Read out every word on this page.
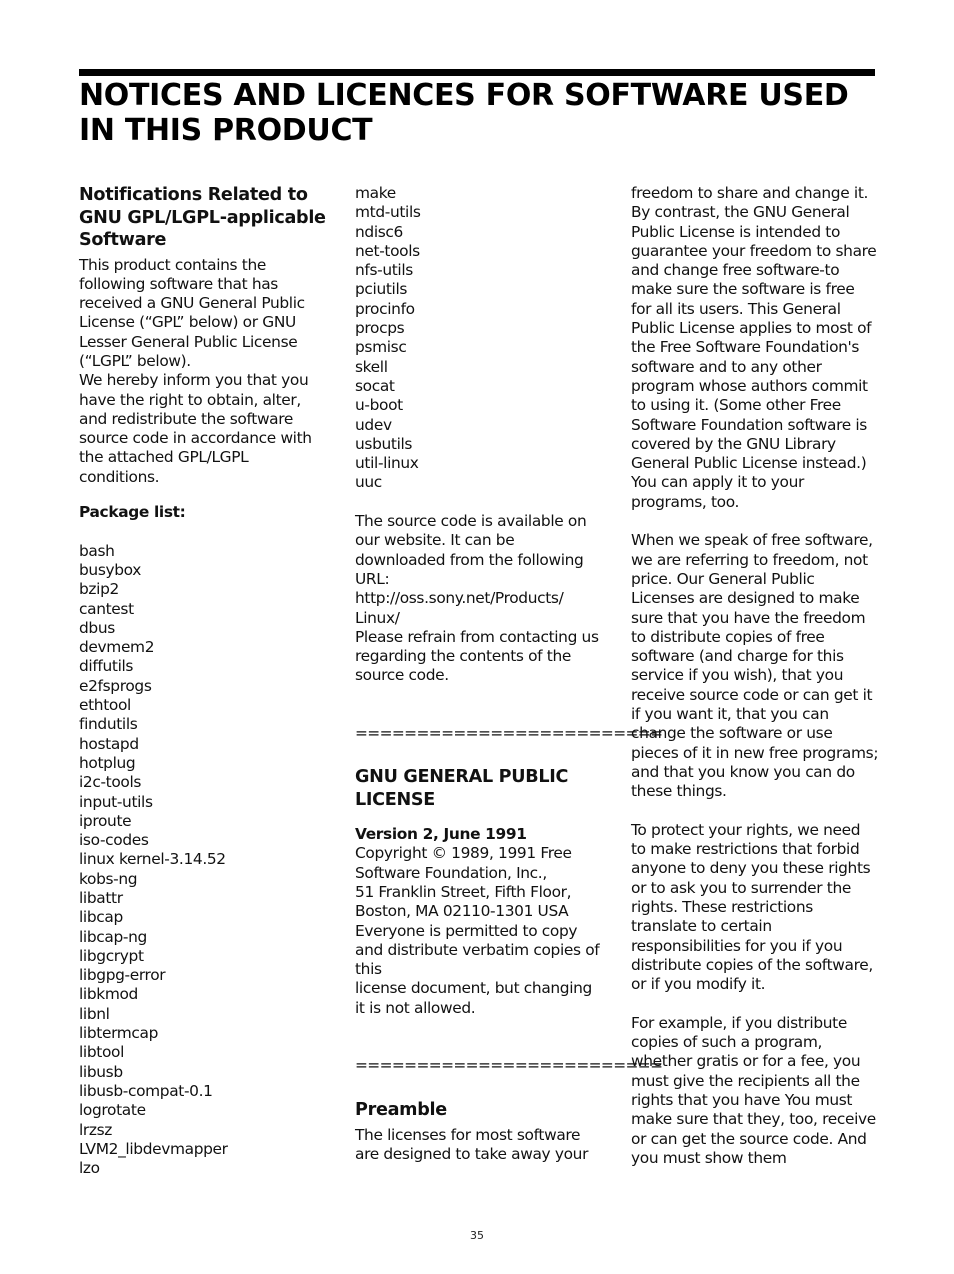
NOTICES AND LICENCES FOR SOFTWARE USED IN THIS PRODUCT
Notifications Related to GNU GPL/LGPL-applicable Software

This product contains the following software that has received a GNU General Public License (“GPL” below) or GNU Lesser General Public License (“LGPL” below).

We hereby inform you that you have the right to obtain, alter, and redistribute the software source code in accordance with the attached GPL/LGPL conditions.

Package list:

bash
busybox
bzip2
cantest
dbus
devmem2
diffutils
e2fsprogs
ethtool
findutils
hostapd
hotplug
i2c-tools
input-utils
iproute
iso-codes
linux kernel-3.14.52
kobs-ng
libattr
libcap
libcap-ng
libgcrypt
libgpg-error
libkmod
libnl
libtermcap
libtool
libusb
libusb-compat-0.1
logrotate
lrzsz
LVM2_libdevmapper
lzo
make
mtd-utils
ndisc6
net-tools
nfs-utils
pciutils
procinfo
procps
psmisc
skell
socat
u-boot
udev
usbutils
util-linux
uuc

The source code is available on our website. It can be downloaded from the following URL:

http://oss.sony.net/Products/

Linux/

Please refrain from contacting us regarding the contents of the source code.

=========================

GNU GENERAL PUBLIC LICENSE

Version 2, June 1991

Copyright © 1989, 1991 Free Software Foundation, Inc.,

51 Franklin Street, Fifth Floor, Boston, MA 02110-1301 USA

Everyone is permitted to copy and distribute verbatim copies of this

license document, but changing it is not allowed.

=========================

Preamble

The licenses for most software are designed to take away your

freedom to share and change it. By contrast, the GNU General Public License is intended to guarantee your freedom to share and change free software-to make sure the software is free for all its users. This General Public License applies to most of the Free Software Foundation's software and to any other program whose authors commit to using it. (Some other Free Software Foundation software is covered by the GNU Library General Public License instead.) You can apply it to your programs, too.

When we speak of free software, we are referring to freedom, not price. Our General Public Licenses are designed to make sure that you have the freedom to distribute copies of free software (and charge for this service if you wish), that you receive source code or can get it if you want it, that you can change the software or use pieces of it in new free programs; and that you know you can do these things.

To protect your rights, we need to make restrictions that forbid anyone to deny you these rights or to ask you to surrender the rights. These restrictions translate to certain responsibilities for you if you distribute copies of the software, or if you modify it.

For example, if you distribute copies of such a program, whether gratis or for a fee, you must give the recipients all the rights that you have You must make sure that they, too, receive or can get the source code. And you must show them

35
